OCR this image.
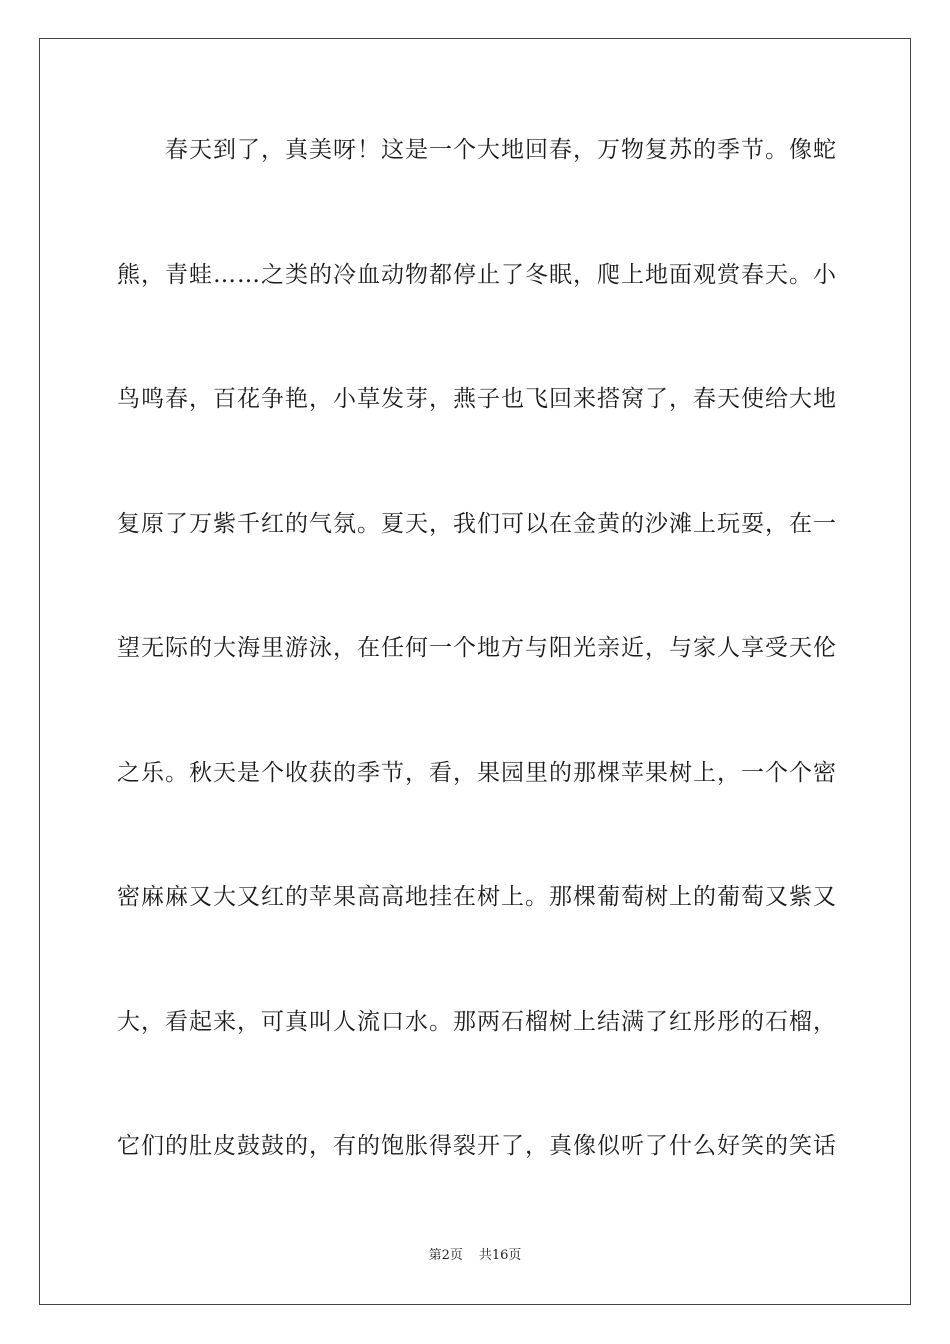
春天到了，真美呀！这是一个大地回春，万物复苏的季节。像蛇
熊，青蛙……之类的冷血动物都停止了冬眠，爬上地面观赏春天。小
鸟鸣春，百花争艳，小草发芽，燕子也飞回来搭窝了，春天使给大地
复原了万紫千红的气氛。夏天，我们可以在金黄的沙滩上玩耍，在一
望无际的大海里游泳，在任何一个地方与阳光亲近，与家人享受天伦
之乐。秋天是个收获的季节，看，果园里的那棵苹果树上，一个个密
密麻麻又大又红的苹果高高地挂在树上。那棵葡萄树上的葡萄又紫又
大，看起来，可真叫人流口水。那两石榴树上结满了红彤彤的石榴，
它们的肚皮鼓鼓的，有的饱胀得裂开了，真像似听了什么好笑的笑话
第2页 共16页
